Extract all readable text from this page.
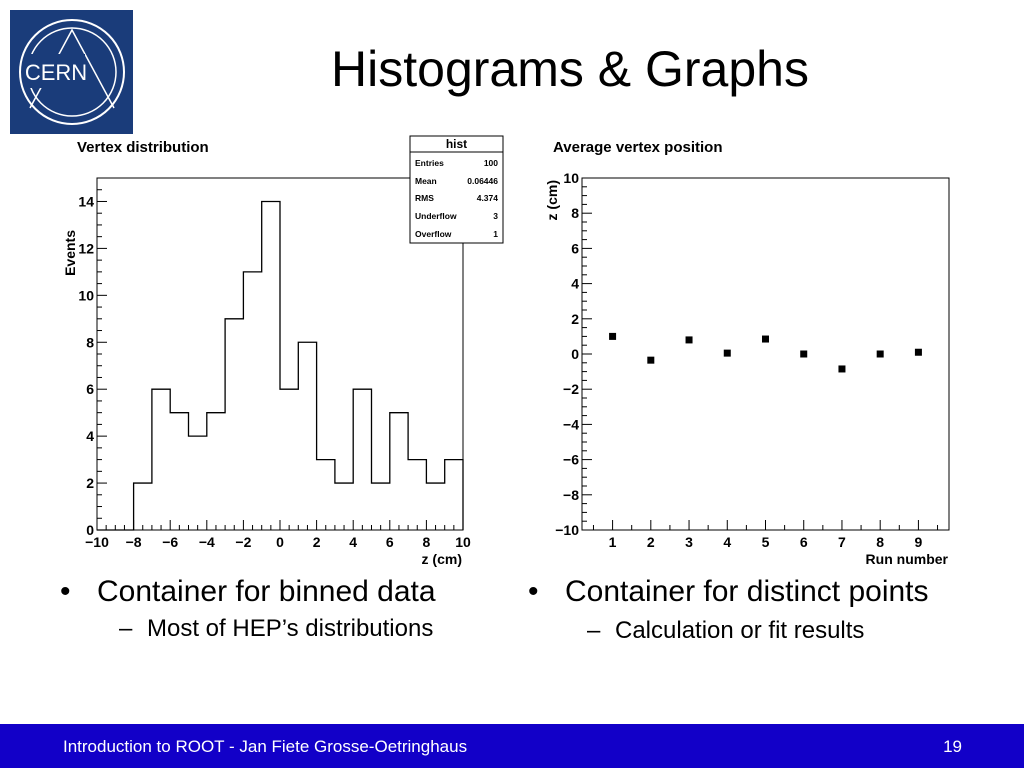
CERN	Histograms & Graphs
Vertex distribution
Events
z (cm)
−10 −8 −6 −4 −2 0 2 4 6 8 10
0
2
4
6
8
10
12
14
hist
Entries	100
Mean	0.06446
RMS	4.374
Underflow	3
Overflow	1
Average vertex position
z (cm)
Run number
1 2 3 4 5 6 7 8 9
−10
−8
−6
−4
−2
0
2
4
6
8
10
• Container for binned data
– Most of HEP’s distributions
• Container for distinct points
– Calculation or fit results
Introduction to ROOT - Jan Fiete Grosse-Oetringhaus	19
